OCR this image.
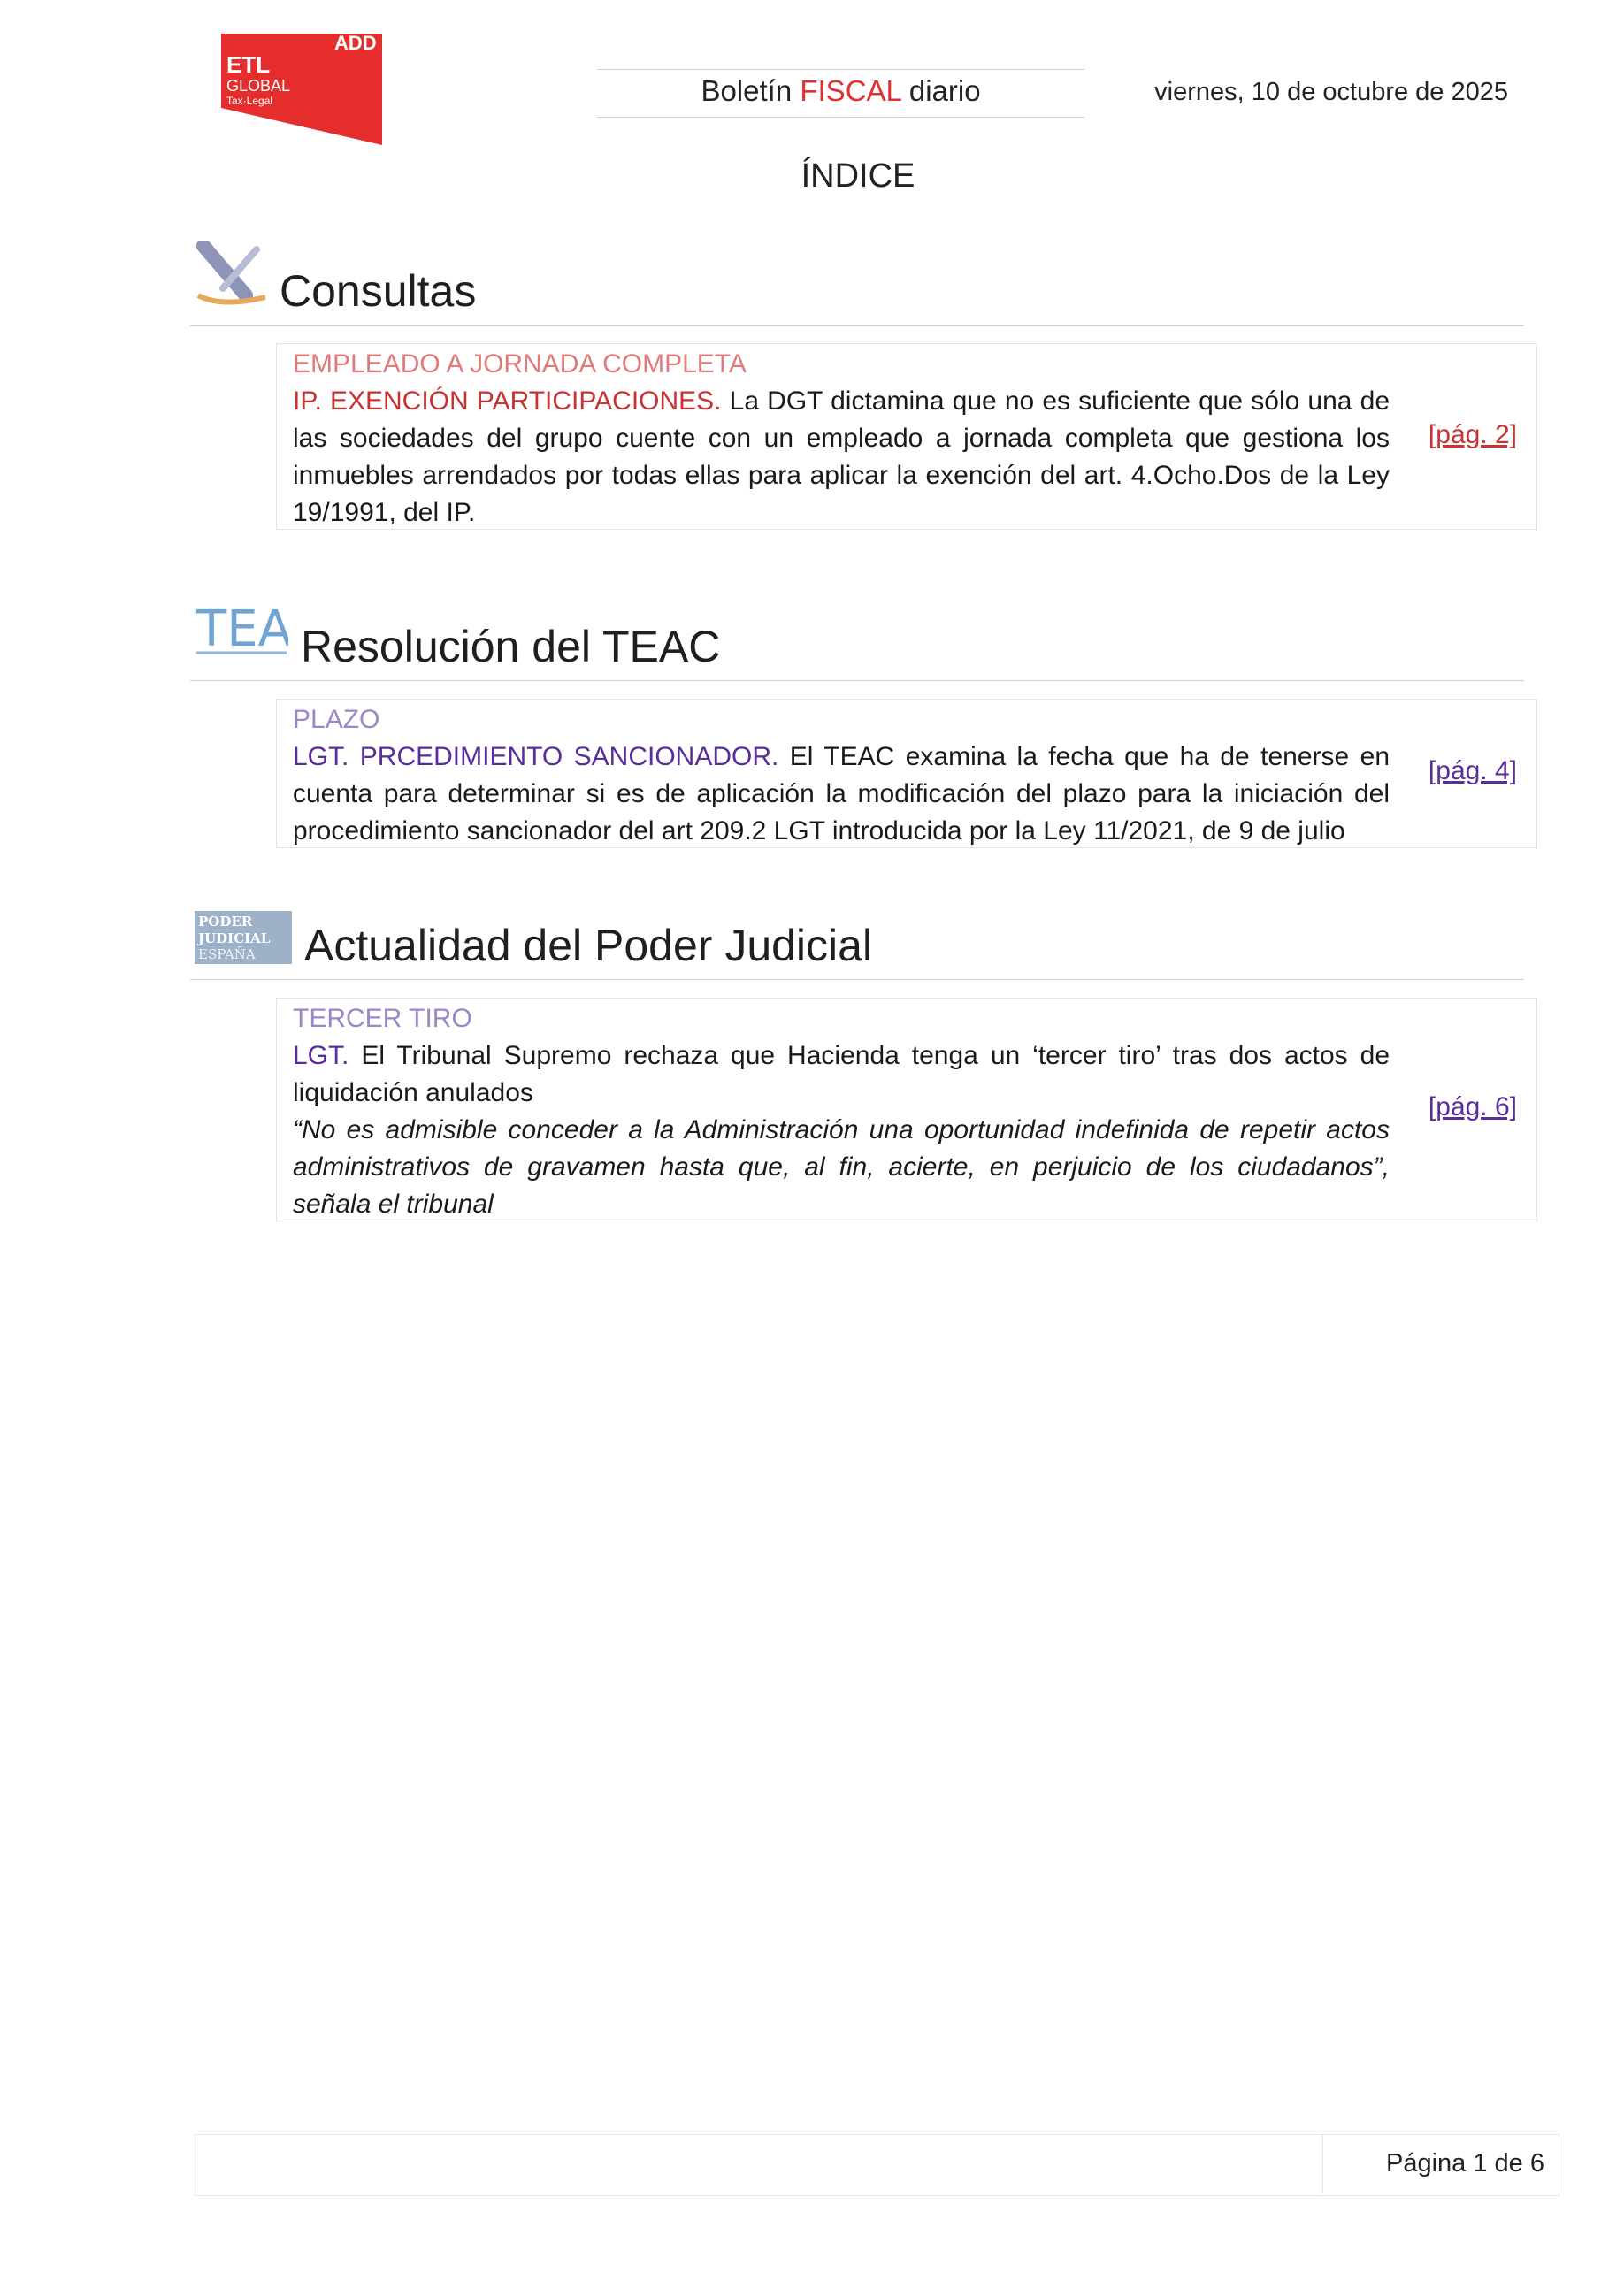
ADD
ETL
GLOBAL
Tax·Legal	Boletín FISCAL diario	viernes, 10 de octubre de 2025
ÍNDICE
Consultas
EMPLEADO A JORNADA COMPLETA
IP. EXENCIÓN PARTICIPACIONES. La DGT dictamina que no es suficiente que sólo una de las sociedades del grupo cuente con un empleado a jornada completa que gestiona los inmuebles arrendados por todas ellas para aplicar la exención del art. 4.Ocho.Dos de la Ley 19/1991, del IP.
[pág. 2]
TEA Resolución del TEAC
PLAZO
LGT. PRCEDIMIENTO SANCIONADOR. El TEAC examina la fecha que ha de tenerse en cuenta para determinar si es de aplicación la modificación del plazo para la iniciación del procedimiento sancionador del art 209.2 LGT introducida por la Ley 11/2021, de 9 de julio
[pág. 4]
PODER
JUDICIAL
ESPAÑA Actualidad del Poder Judicial
TERCER TIRO
LGT. El Tribunal Supremo rechaza que Hacienda tenga un ‘tercer tiro’ tras dos actos de liquidación anulados
“No es admisible conceder a la Administración una oportunidad indefinida de repetir actos administrativos de gravamen hasta que, al fin, acierte, en perjuicio de los ciudadanos”, señala el tribunal
[pág. 6]
Página 1 de 6
